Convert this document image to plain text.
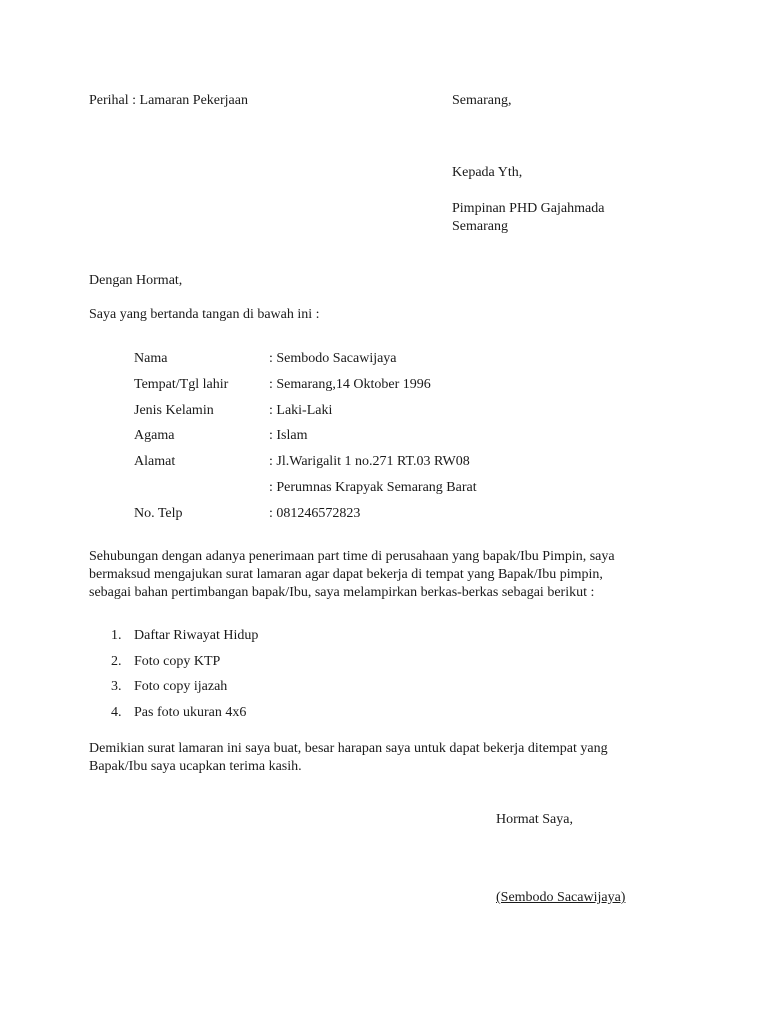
Perihal : Lamaran Pekerjaan	Semarang,
Kepada Yth,
Pimpinan PHD Gajahmada
Semarang
Dengan Hormat,
Saya yang bertanda tangan di bawah ini :
Nama	: Sembodo Sacawijaya
Tempat/Tgl lahir	: Semarang,14 Oktober 1996
Jenis Kelamin	: Laki-Laki
Agama	: Islam
Alamat	: Jl.Warigalit 1 no.271 RT.03 RW08
: Perumnas Krapyak Semarang Barat
No. Telp	: 081246572823
Sehubungan dengan adanya penerimaan part time di perusahaan yang bapak/Ibu Pimpin, saya
bermaksud mengajukan surat lamaran agar dapat bekerja di tempat yang Bapak/Ibu pimpin,
sebagai bahan pertimbangan bapak/Ibu, saya melampirkan berkas-berkas sebagai berikut :
1. Daftar Riwayat Hidup
2. Foto copy KTP
3. Foto copy ijazah
4. Pas foto ukuran 4x6
Demikian surat lamaran ini saya buat, besar harapan saya untuk dapat bekerja ditempat yang
Bapak/Ibu saya ucapkan terima kasih.
Hormat Saya,
(Sembodo Sacawijaya)
